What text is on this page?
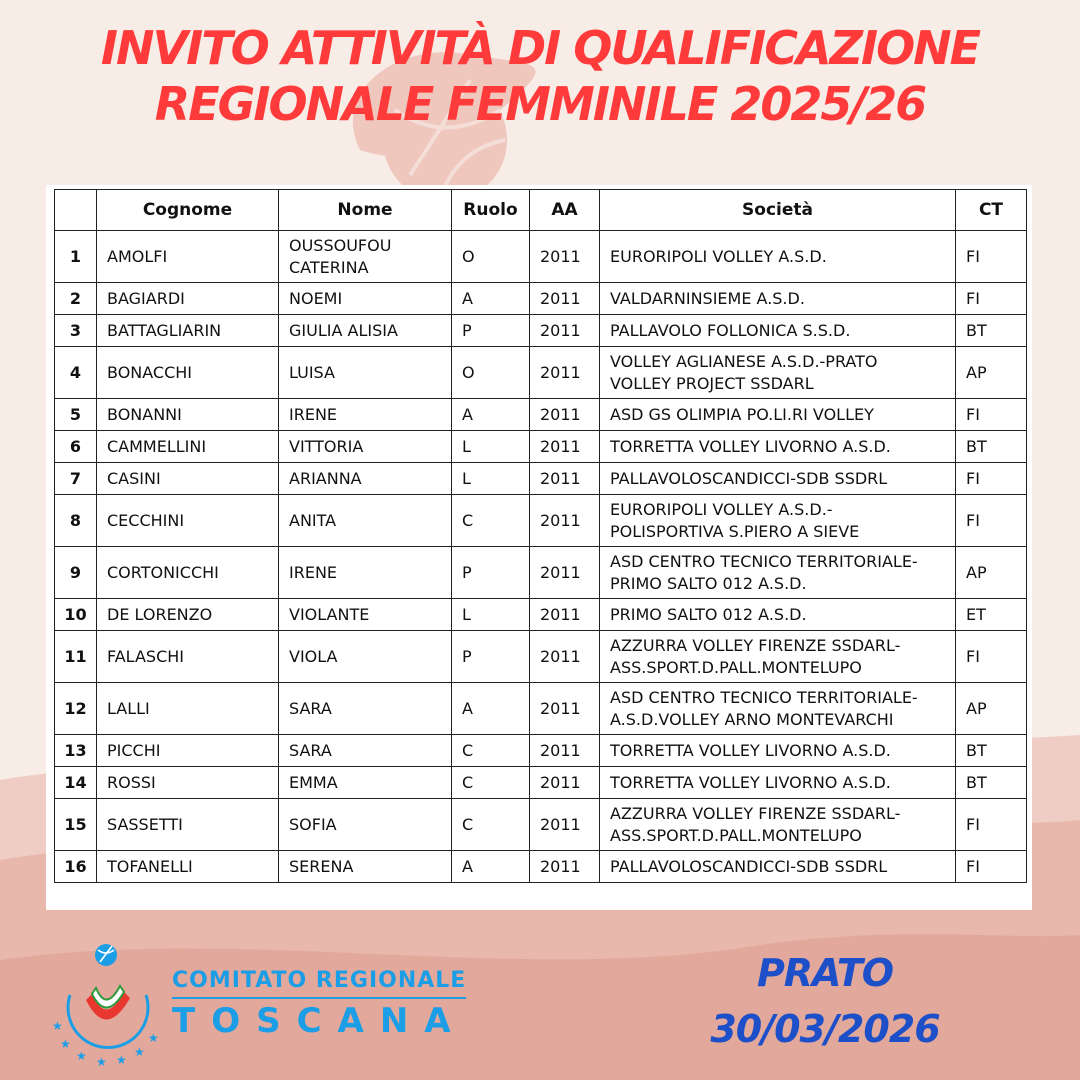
INVITO ATTIVITÀ DI QUALIFICAZIONE
REGIONALE FEMMINILE 2025/26
	Cognome	Nome	Ruolo	AA	Società	CT
1	AMOLFI	OUSSOUFOU
CATERINA	O	2011	EURORIPOLI VOLLEY A.S.D.	FI
2	BAGIARDI	NOEMI	A	2011	VALDARNINSIEME A.S.D.	FI
3	BATTAGLIARIN	GIULIA ALISIA	P	2011	PALLAVOLO FOLLONICA S.S.D.	BT
4	BONACCHI	LUISA	O	2011	VOLLEY AGLIANESE A.S.D.-PRATO
VOLLEY PROJECT SSDARL	AP
5	BONANNI	IRENE	A	2011	ASD GS OLIMPIA PO.LI.RI VOLLEY	FI
6	CAMMELLINI	VITTORIA	L	2011	TORRETTA VOLLEY LIVORNO A.S.D.	BT
7	CASINI	ARIANNA	L	2011	PALLAVOLOSCANDICCI-SDB SSDRL	FI
8	CECCHINI	ANITA	C	2011	EURORIPOLI VOLLEY A.S.D.-
POLISPORTIVA S.PIERO A SIEVE	FI
9	CORTONICCHI	IRENE	P	2011	ASD CENTRO TECNICO TERRITORIALE-
PRIMO SALTO 012 A.S.D.	AP
10	DE LORENZO	VIOLANTE	L	2011	PRIMO SALTO 012 A.S.D.	ET
11	FALASCHI	VIOLA	P	2011	AZZURRA VOLLEY FIRENZE SSDARL-
ASS.SPORT.D.PALL.MONTELUPO	FI
12	LALLI	SARA	A	2011	ASD CENTRO TECNICO TERRITORIALE-
A.S.D.VOLLEY ARNO MONTEVARCHI	AP
13	PICCHI	SARA	C	2011	TORRETTA VOLLEY LIVORNO A.S.D.	BT
14	ROSSI	EMMA	C	2011	TORRETTA VOLLEY LIVORNO A.S.D.	BT
15	SASSETTI	SOFIA	C	2011	AZZURRA VOLLEY FIRENZE SSDARL-
ASS.SPORT.D.PALL.MONTELUPO	FI
16	TOFANELLI	SERENA	A	2011	PALLAVOLOSCANDICCI-SDB SSDRL	FI
★
★
★ ★ ★
★
★
COMITATO REGIONALE
TOSCANA
PRATO
30/03/2026
